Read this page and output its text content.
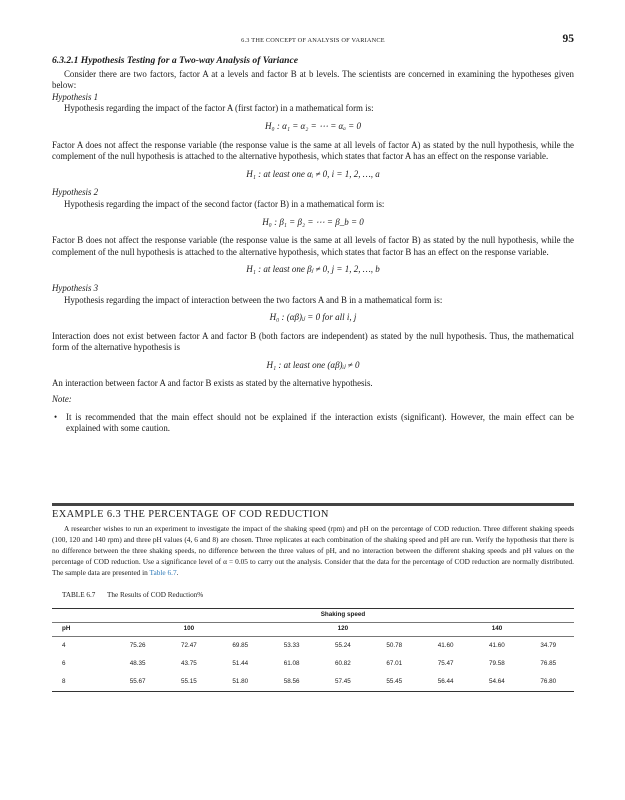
6.3 THE CONCEPT OF ANALYSIS OF VARIANCE	95
6.3.2.1 Hypothesis Testing for a Two-way Analysis of Variance

Consider there are two factors, factor A at a levels and factor B at b levels. The scientists are concerned in examining the hypotheses given below:

Hypothesis 1

Hypothesis regarding the impact of the factor A (first factor) in a mathematical form is:

H₀ : α₁ = α₂ = ⋯ = αₐ = 0

Factor A does not affect the response variable (the response value is the same at all levels of factor A) as stated by the null hypothesis, while the complement of the null hypothesis is attached to the alternative hypothesis, which states that factor A has an effect on the response variable.

H₁ : at least one αᵢ ≠ 0, i = 1, 2, …, a

Hypothesis 2

Hypothesis regarding the impact of the second factor (factor B) in a mathematical form is:

H₀ : β₁ = β₂ = ⋯ = β_b = 0

Factor B does not affect the response variable (the response value is the same at all levels of factor B) as stated by the null hypothesis, while the complement of the null hypothesis is attached to the alternative hypothesis, which states that factor B has an effect on the response variable.

H₁ : at least one βⱼ ≠ 0, j = 1, 2, …, b

Hypothesis 3

Hypothesis regarding the impact of interaction between the two factors A and B in a mathematical form is:

H₀ : (αβ)ᵢⱼ = 0 for all i, j

Interaction does not exist between factor A and factor B (both factors are independent) as stated by the null hypothesis. Thus, the mathematical form of the alternative hypothesis is

H₁ : at least one (αβ)ᵢⱼ ≠ 0

An interaction between factor A and factor B exists as stated by the alternative hypothesis.

Note:

• It is recommended that the main effect should not be explained if the interaction exists (significant). However, the main effect can be explained with some caution.

EXAMPLE 6.3 THE PERCENTAGE OF COD REDUCTION

A researcher wishes to run an experiment to investigate the impact of the shaking speed (rpm) and pH on the percentage of COD reduction. Three different shaking speeds (100, 120 and 140 rpm) and three pH values (4, 6 and 8) are chosen. Three replicates at each combination of the shaking speed and pH are run. Verify the hypothesis that there is no difference between the three shaking speeds, no difference between the three values of pH, and no interaction between the different shaking speeds and pH values on the percentage of COD reduction. Use a significance level of α = 0.05 to carry out the analysis. Consider that the data for the percentage of COD reduction are normally distributed. The sample data are presented in Table 6.7.

TABLE 6.7 The Results of COD Reduction%
	Shaking speed								
pH	100			120			140		
4	75.26	72.47	69.85	53.33	55.24	50.78	41.60	41.60	34.79
6	48.35	43.75	51.44	61.08	60.82	67.01	75.47	79.58	76.85
8	55.67	55.15	51.80	58.56	57.45	55.45	56.44	54.64	76.80
